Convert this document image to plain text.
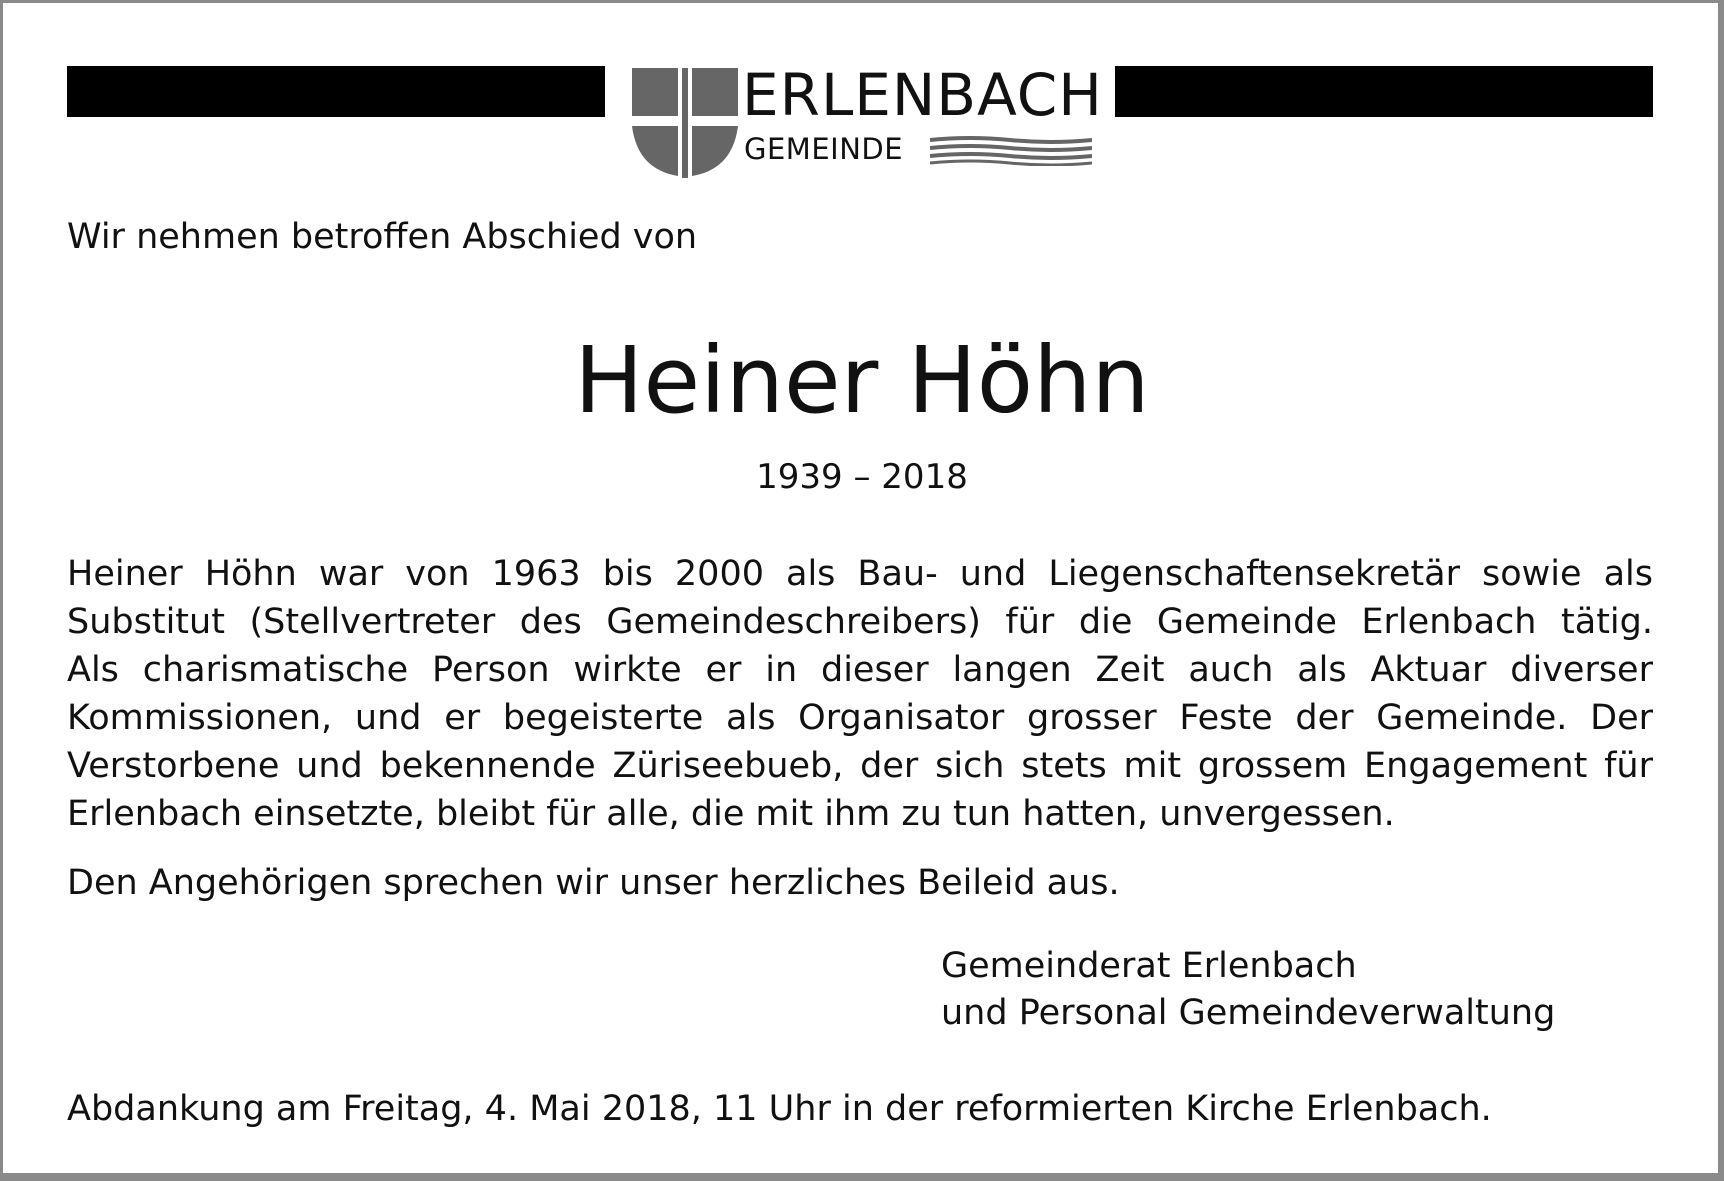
ERLENBACH
GEMEINDE
Wir nehmen betroffen Abschied von
Heiner Höhn
1939 – 2018
Heiner Höhn war von 1963 bis 2000 als Bau- und Liegenschaftensekretär sowie als
Substitut (Stellvertreter des Gemeindeschreibers) für die Gemeinde Erlenbach tätig.
Als charismatische Person wirkte er in dieser langen Zeit auch als Aktuar diverser
Kommissionen, und er begeisterte als Organisator grosser Feste der Gemeinde. Der
Verstorbene und bekennende Züriseebueb, der sich stets mit grossem Engagement für
Erlenbach einsetzte, bleibt für alle, die mit ihm zu tun hatten, unvergessen.
Den Angehörigen sprechen wir unser herzliches Beileid aus.
Gemeinderat Erlenbach
und Personal Gemeindeverwaltung
Abdankung am Freitag, 4. Mai 2018, 11 Uhr in der reformierten Kirche Erlenbach.
